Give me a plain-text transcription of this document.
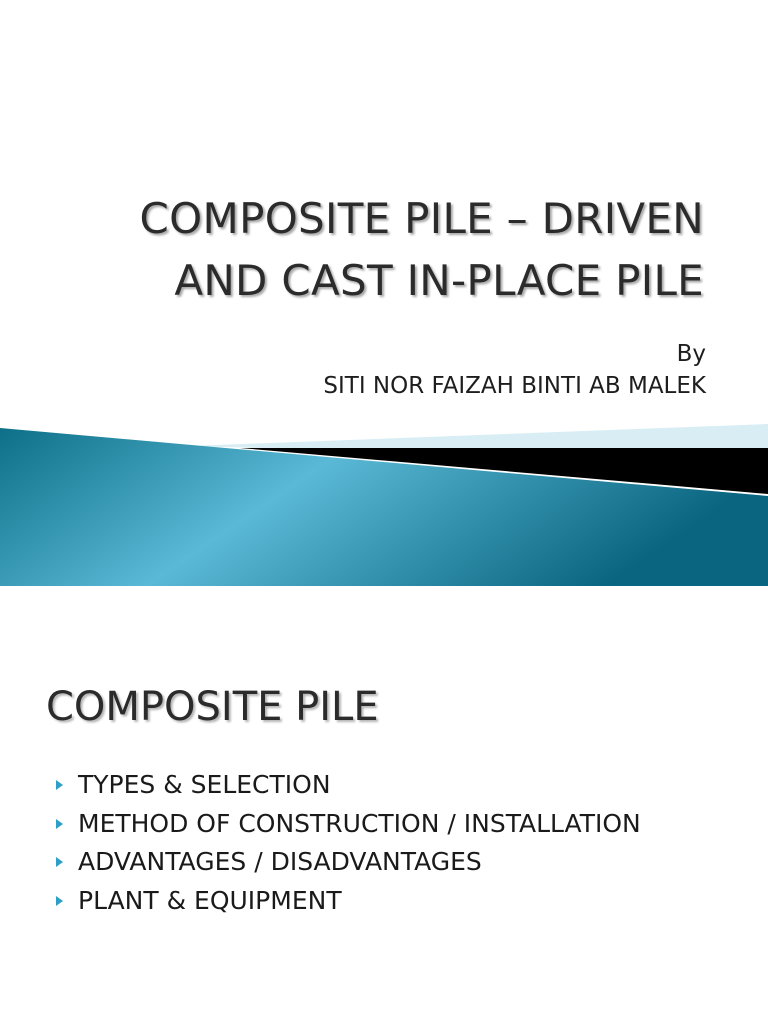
COMPOSITE PILE – DRIVEN
AND CAST IN-PLACE PILE
By
SITI NOR FAIZAH BINTI AB MALEK
COMPOSITE PILE
TYPES & SELECTION
METHOD OF CONSTRUCTION / INSTALLATION
ADVANTAGES / DISADVANTAGES
PLANT & EQUIPMENT
